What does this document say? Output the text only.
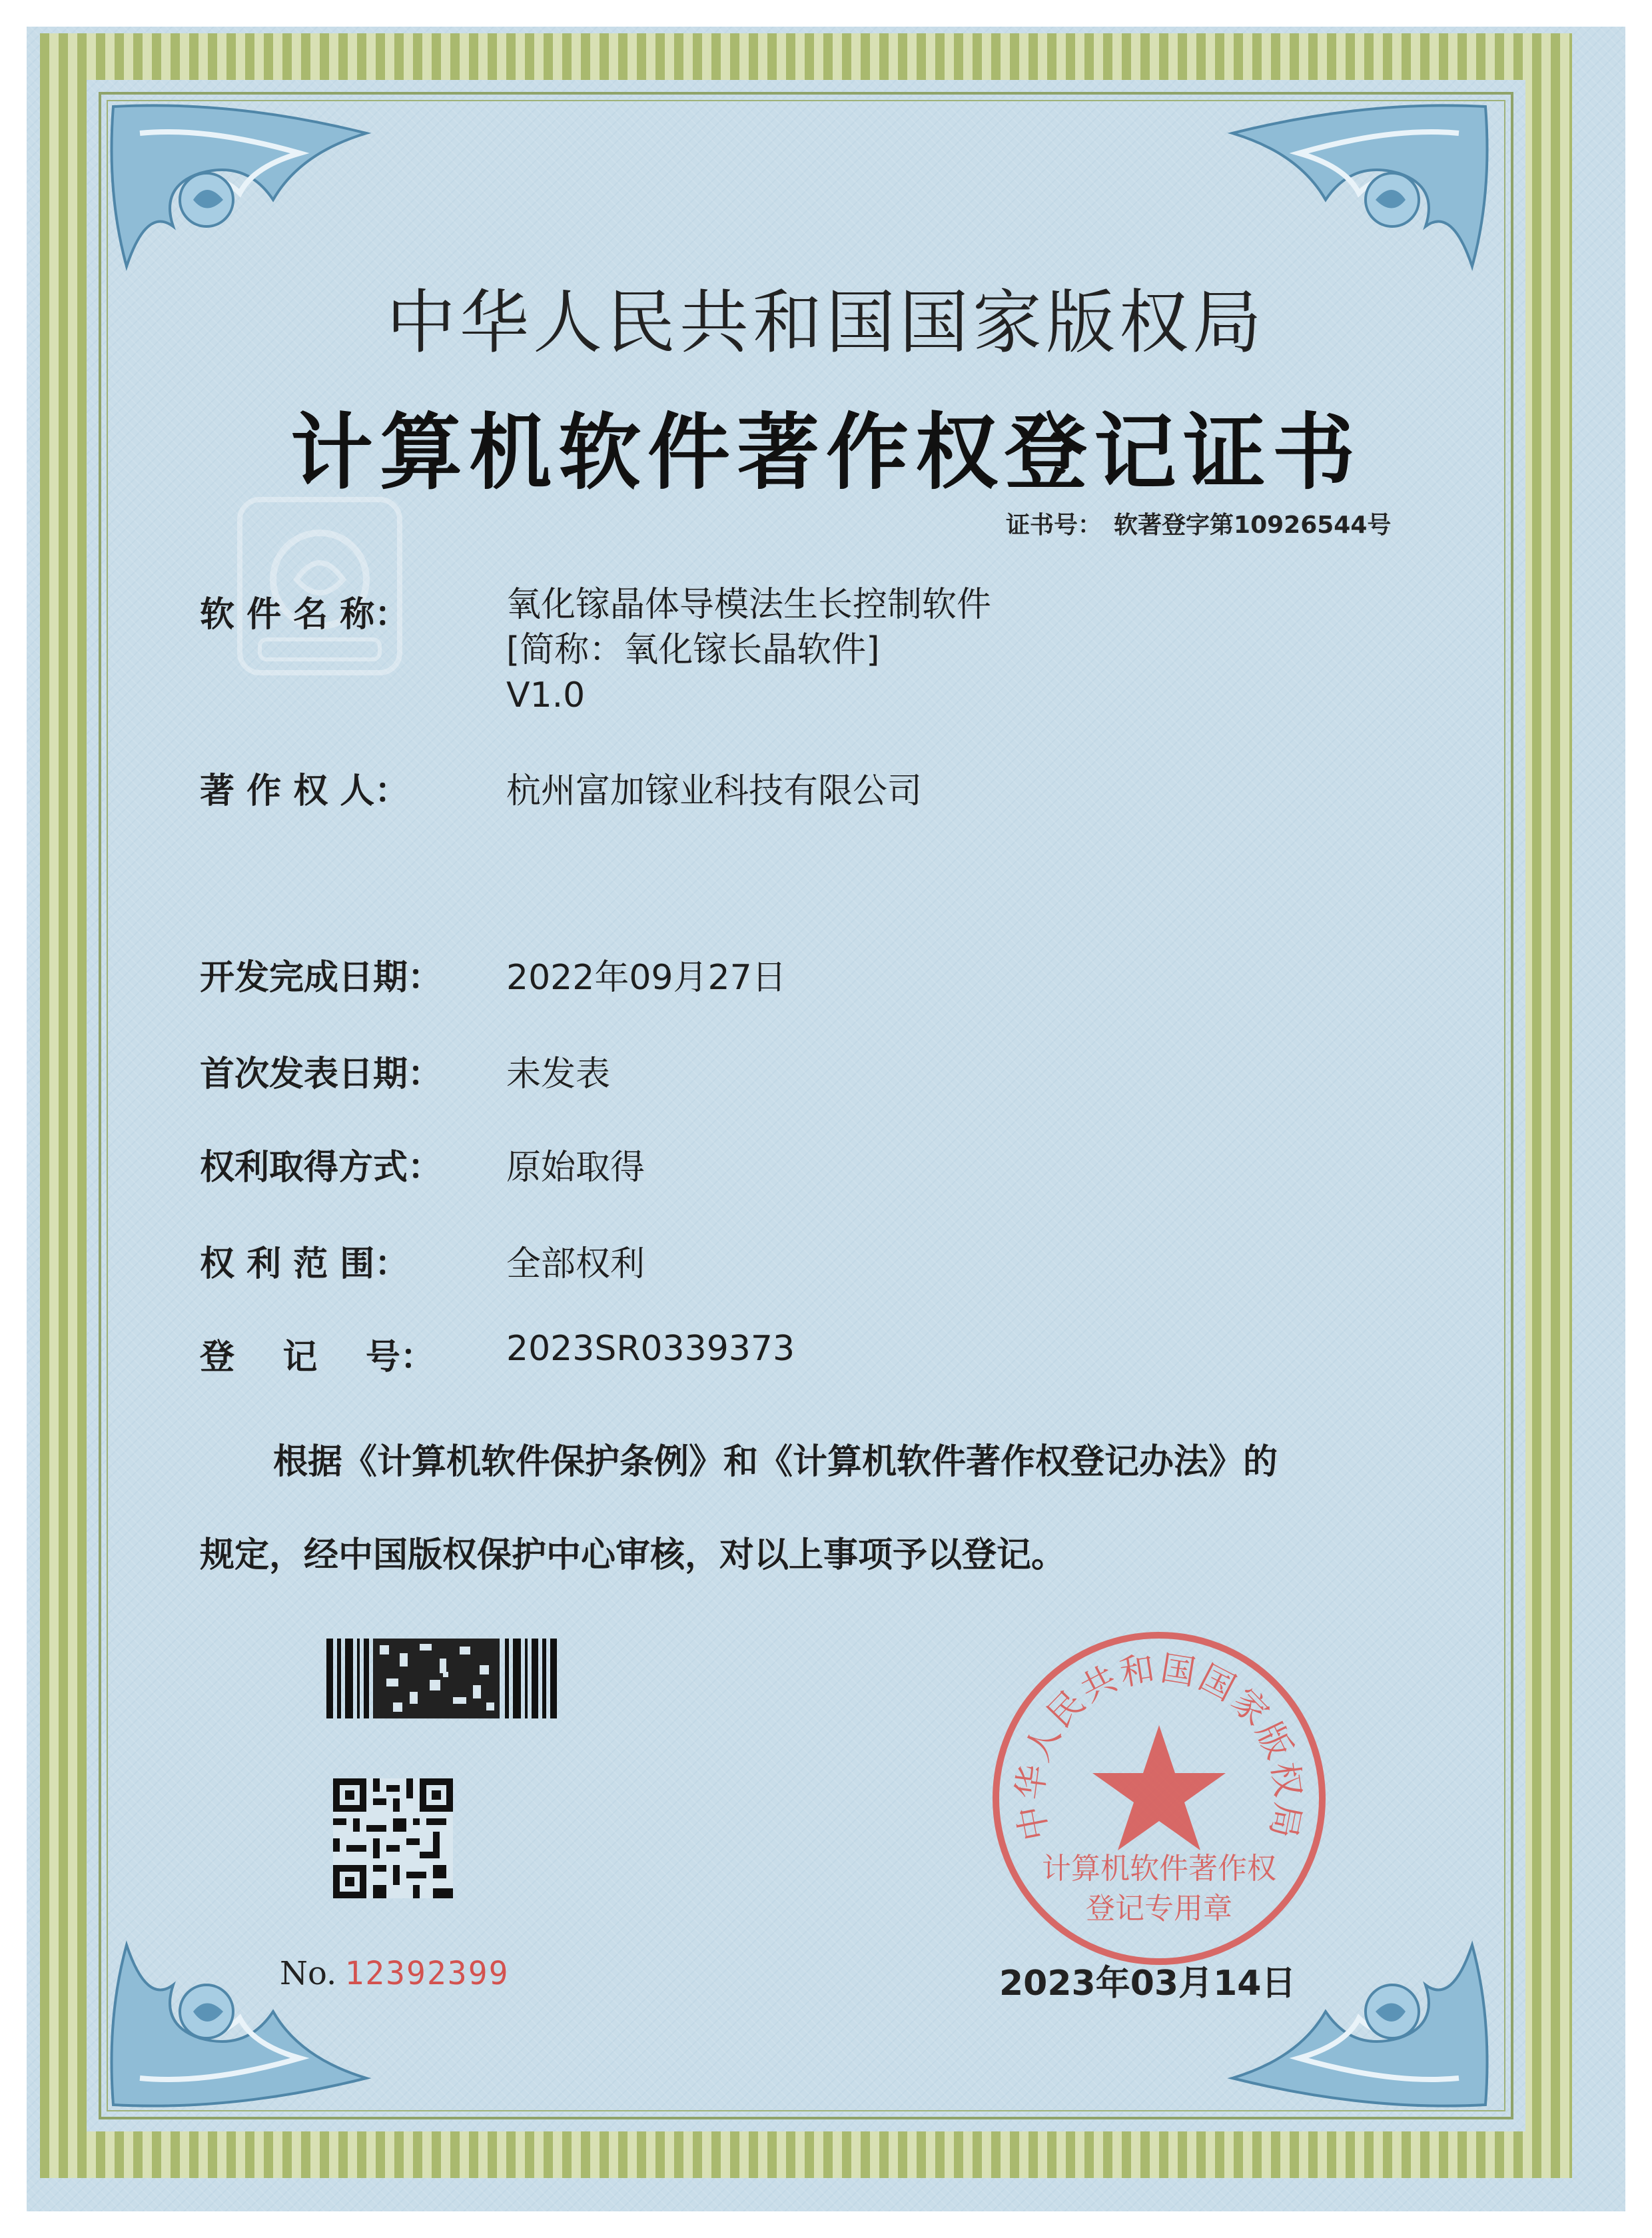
中华人民共和国国家版权局
计算机软件著作权登记证书
证书号： 软著登字第10926544号
软 件 名 称：	氧化镓晶体导模法生长控制软件
[简称：氧化镓长晶软件]
V1.0
著 作 权 人：	杭州富加镓业科技有限公司
开发完成日期： 2022年09月27日
首次发表日期： 未发表
权利取得方式： 原始取得
权 利 范 围：	全部权利
登    记    号： 2023SR0339373
根据《计算机软件保护条例》和《计算机软件著作权登记办法》的
规定，经中国版权保护中心审核，对以上事项予以登记。
No. 12392399
中华人民共和国国家版权局
计算机软件著作权
登记专用章
2023年03月14日
